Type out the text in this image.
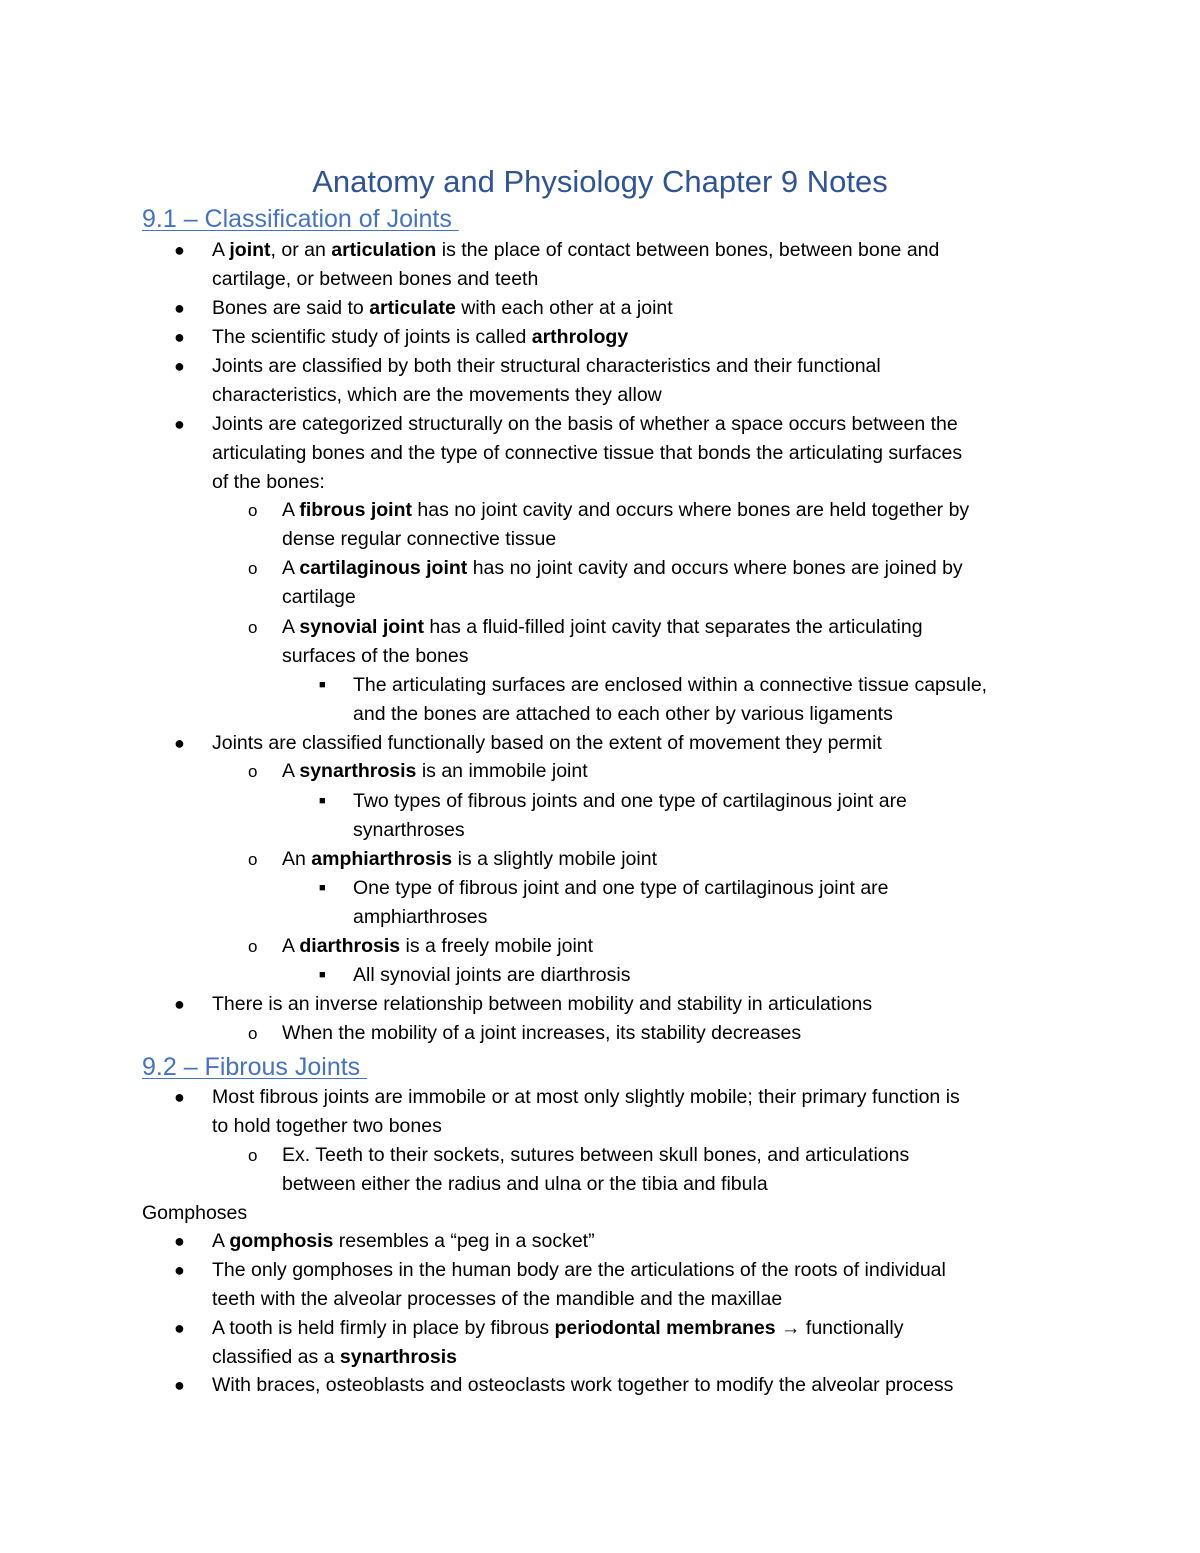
Anatomy and Physiology Chapter 9 Notes
9.1 – Classification of Joints
● A joint, or an articulation is the place of contact between bones, between bone and
cartilage, or between bones and teeth
● Bones are said to articulate with each other at a joint
● The scientific study of joints is called arthrology
● Joints are classified by both their structural characteristics and their functional
characteristics, which are the movements they allow
● Joints are categorized structurally on the basis of whether a space occurs between the
articulating bones and the type of connective tissue that bonds the articulating surfaces
of the bones:
o A fibrous joint has no joint cavity and occurs where bones are held together by
dense regular connective tissue
o A cartilaginous joint has no joint cavity and occurs where bones are joined by
cartilage
o A synovial joint has a fluid-filled joint cavity that separates the articulating
surfaces of the bones
■ The articulating surfaces are enclosed within a connective tissue capsule,
and the bones are attached to each other by various ligaments
● Joints are classified functionally based on the extent of movement they permit
o A synarthrosis is an immobile joint
■ Two types of fibrous joints and one type of cartilaginous joint are
synarthroses
o An amphiarthrosis is a slightly mobile joint
■ One type of fibrous joint and one type of cartilaginous joint are
amphiarthroses
o A diarthrosis is a freely mobile joint
■ All synovial joints are diarthrosis
● There is an inverse relationship between mobility and stability in articulations
o When the mobility of a joint increases, its stability decreases
9.2 – Fibrous Joints
● Most fibrous joints are immobile or at most only slightly mobile; their primary function is
to hold together two bones
o Ex. Teeth to their sockets, sutures between skull bones, and articulations
between either the radius and ulna or the tibia and fibula
Gomphoses
● A gomphosis resembles a “peg in a socket”
● The only gomphoses in the human body are the articulations of the roots of individual
teeth with the alveolar processes of the mandible and the maxillae
● A tooth is held firmly in place by fibrous periodontal membranes → functionally
classified as a synarthrosis
● With braces, osteoblasts and osteoclasts work together to modify the alveolar process
